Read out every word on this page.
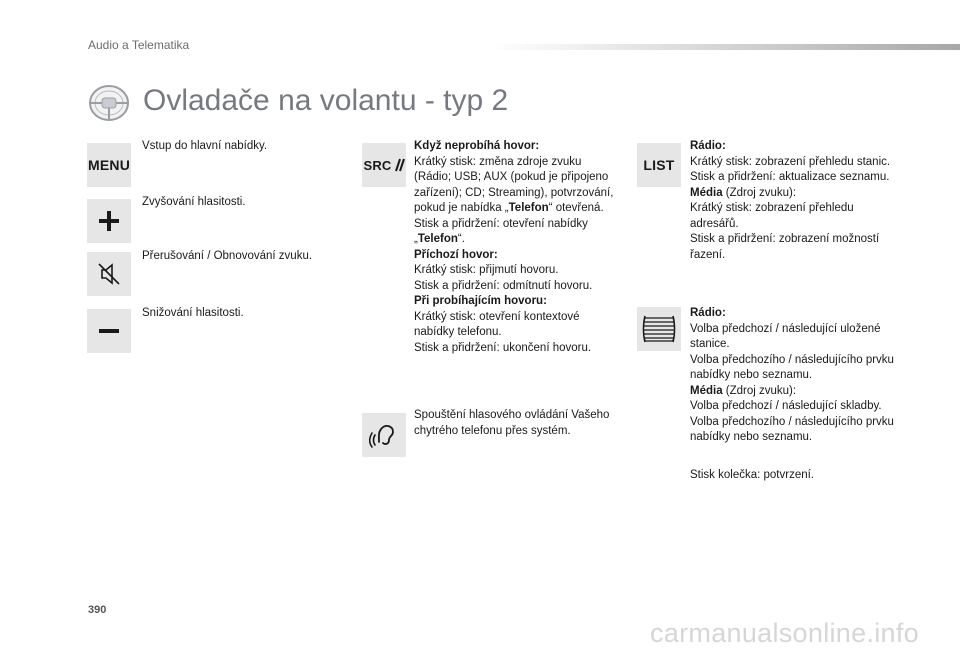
Audio a Telematika
Ovladače na volantu - typ 2
MENU

Vstup do hlavní nabídky.

Zvyšování hlasitosti.

Přerušování / Obnovování zvuku.

Snižování hlasitosti.

SRC
Když neprobíhá hovor:
Krátký stisk: změna zdroje zvuku (Rádio; USB; AUX (pokud je připojeno zařízení); CD; Streaming), potvrzování, pokud je nabídka „Telefon“ otevřená.
Stisk a přidržení: otevření nabídky „Telefon“.
Příchozí hovor:
Krátký stisk: přijmutí hovoru.
Stisk a přidržení: odmítnutí hovoru.
Při probíhajícím hovoru:
Krátký stisk: otevření kontextové nabídky telefonu.
Stisk a přidržení: ukončení hovoru.

Spouštění hlasového ovládání Vašeho chytrého telefonu přes systém.

LIST
Rádio:
Krátký stisk: zobrazení přehledu stanic.
Stisk a přidržení: aktualizace seznamu.
Média (Zdroj zvuku):
Krátký stisk: zobrazení přehledu adresářů.
Stisk a přidržení: zobrazení možností řazení.
Rádio:
Volba předchozí / následující uložené stanice.
Volba předchozího / následujícího prvku nabídky nebo seznamu.
Média (Zdroj zvuku):
Volba předchozí / následující skladby.
Volba předchozího / následujícího prvku nabídky nebo seznamu.

Stisk kolečka: potvrzení.

390
carmanualsonline.info
